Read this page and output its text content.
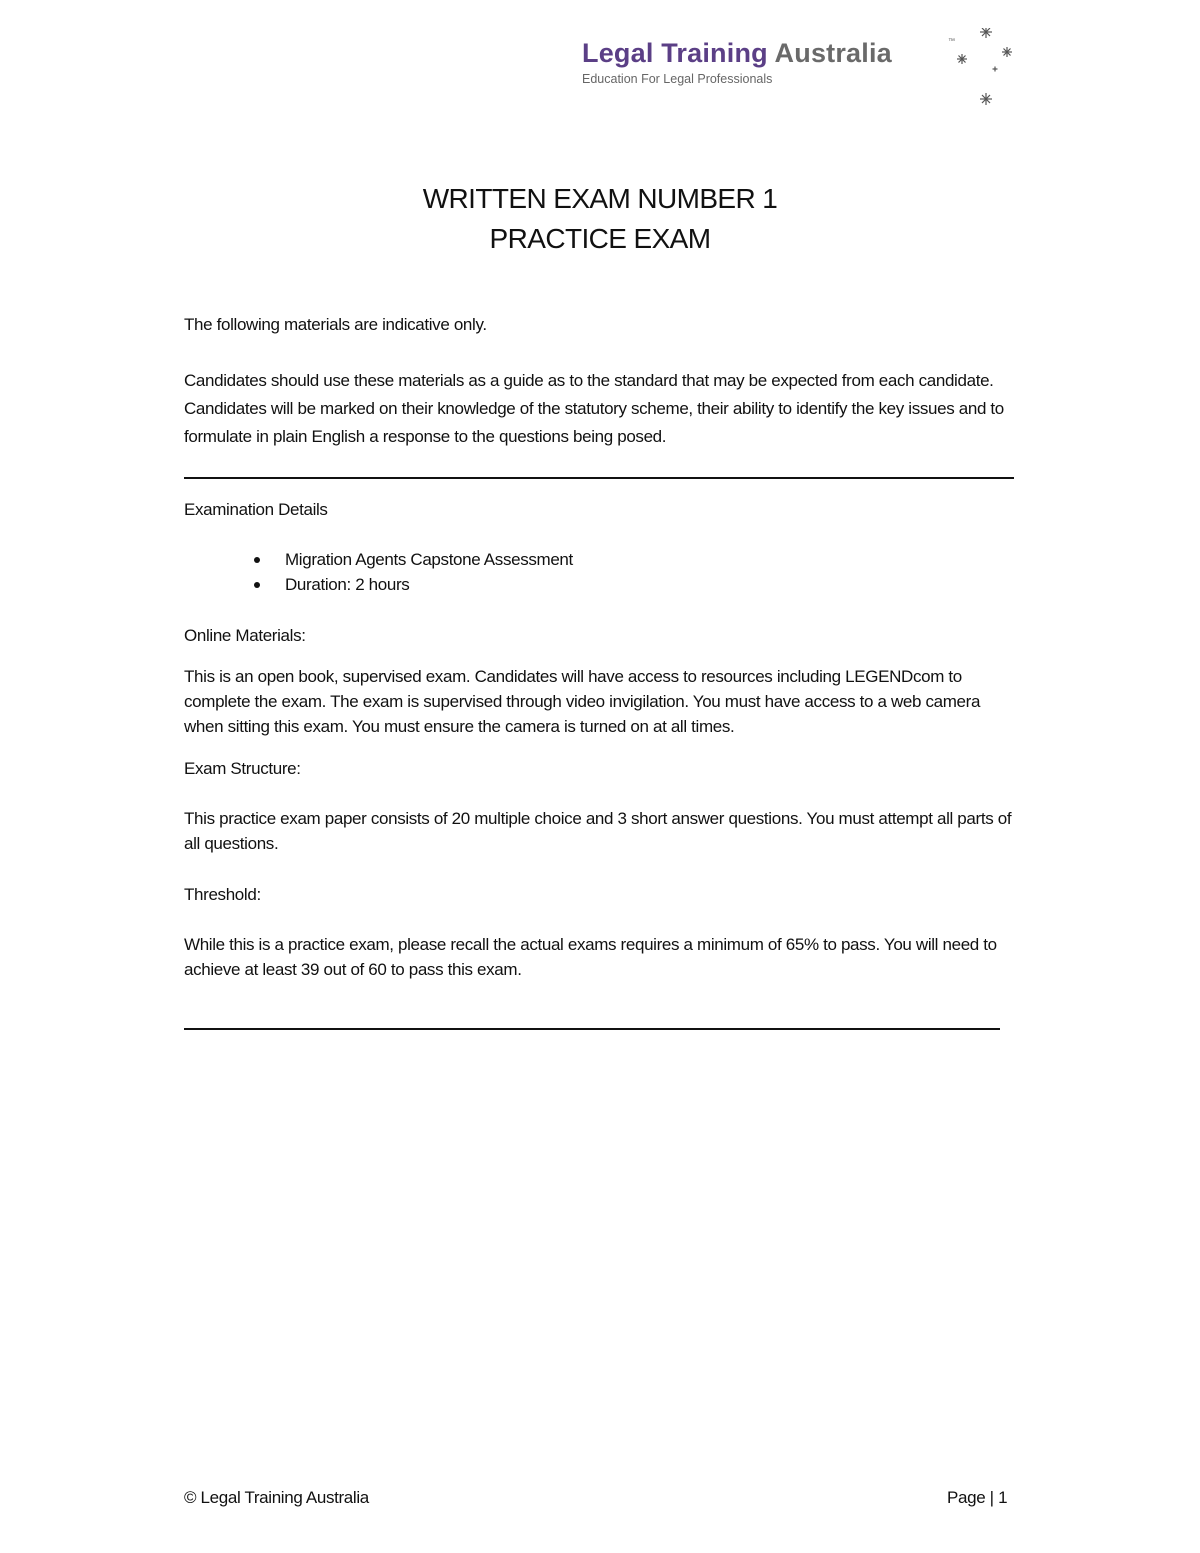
Legal Training Australia	™
Education For Legal Professionals
WRITTEN EXAM NUMBER 1
PRACTICE EXAM
The following materials are indicative only.
Candidates should use these materials as a guide as to the standard that may be expected from each candidate. Candidates will be marked on their knowledge of the statutory scheme, their ability to identify the key issues and to formulate in plain English a response to the questions being posed.
Examination Details
Migration Agents Capstone Assessment
Duration: 2 hours
Online Materials:
This is an open book, supervised exam. Candidates will have access to resources including LEGENDcom to complete the exam. The exam is supervised through video invigilation. You must have access to a web camera when sitting this exam. You must ensure the camera is turned on at all times.
Exam Structure:
This practice exam paper consists of 20 multiple choice and 3 short answer questions. You must attempt all parts of all questions.
Threshold:
While this is a practice exam, please recall the actual exams requires a minimum of 65% to pass. You will need to achieve at least 39 out of 60 to pass this exam.
© Legal Training Australia	Page | 1
